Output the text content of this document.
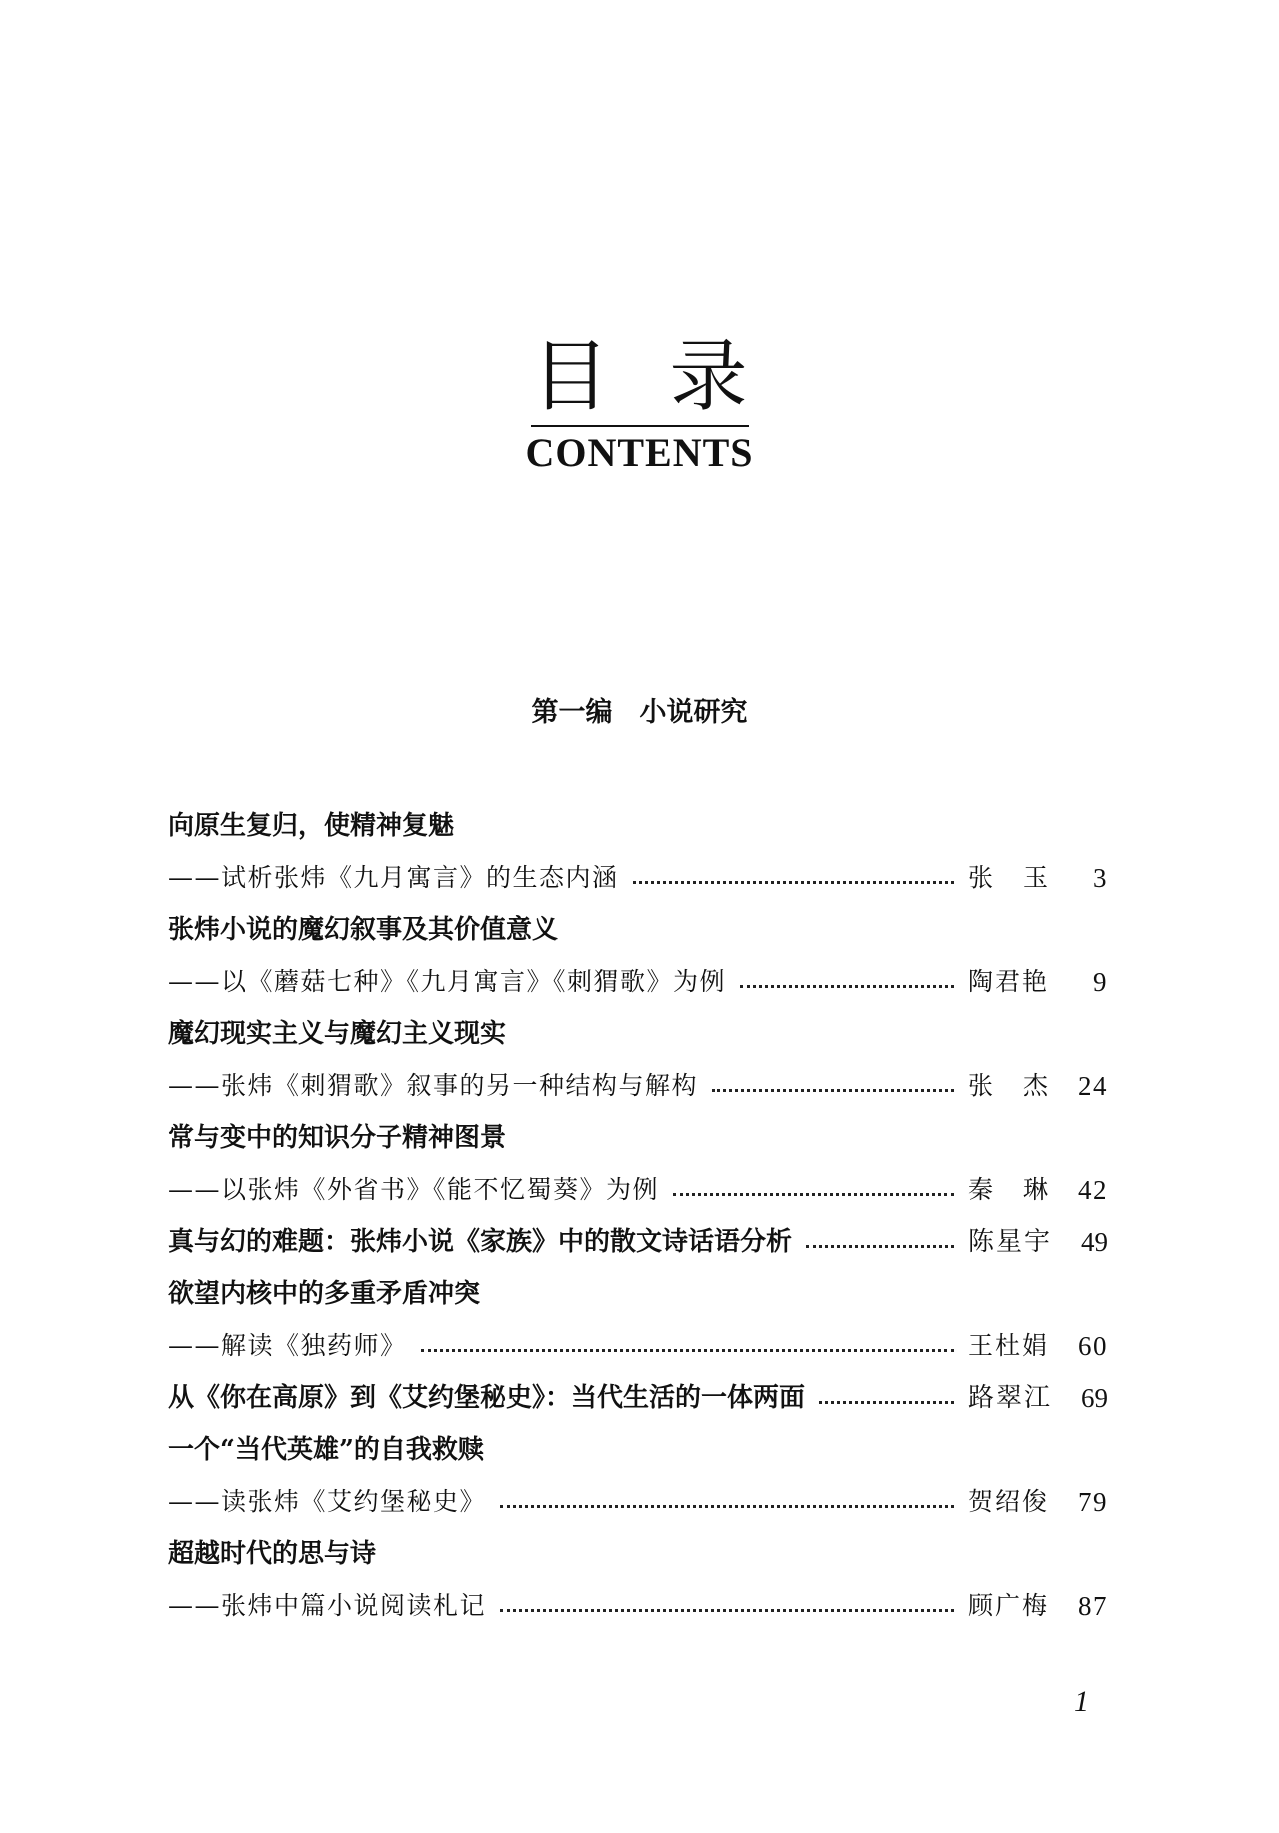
目录
CONTENTS
第一编　小说研究
向原生复归，使精神复魅
——试析张炜《九月寓言》的生态内涵	张玉 3
张炜小说的魔幻叙事及其价值意义
——以《蘑菇七种》《九月寓言》《刺猬歌》为例	陶君艳	9
魔幻现实主义与魔幻主义现实
——张炜《刺猬歌》叙事的另一种结构与解构	张杰 24
常与变中的知识分子精神图景
——以张炜《外省书》《能不忆蜀葵》为例	秦琳 42
真与幻的难题：张炜小说《家族》中的散文诗话语分析	陈星宇	49
欲望内核中的多重矛盾冲突
——解读《独药师》	王杜娟	60
从《你在高原》到《艾约堡秘史》：当代生活的一体两面	路翠江	69
一个“当代英雄”的自我救赎
——读张炜《艾约堡秘史》	贺绍俊	79
超越时代的思与诗
——张炜中篇小说阅读札记	顾广梅	87
1
